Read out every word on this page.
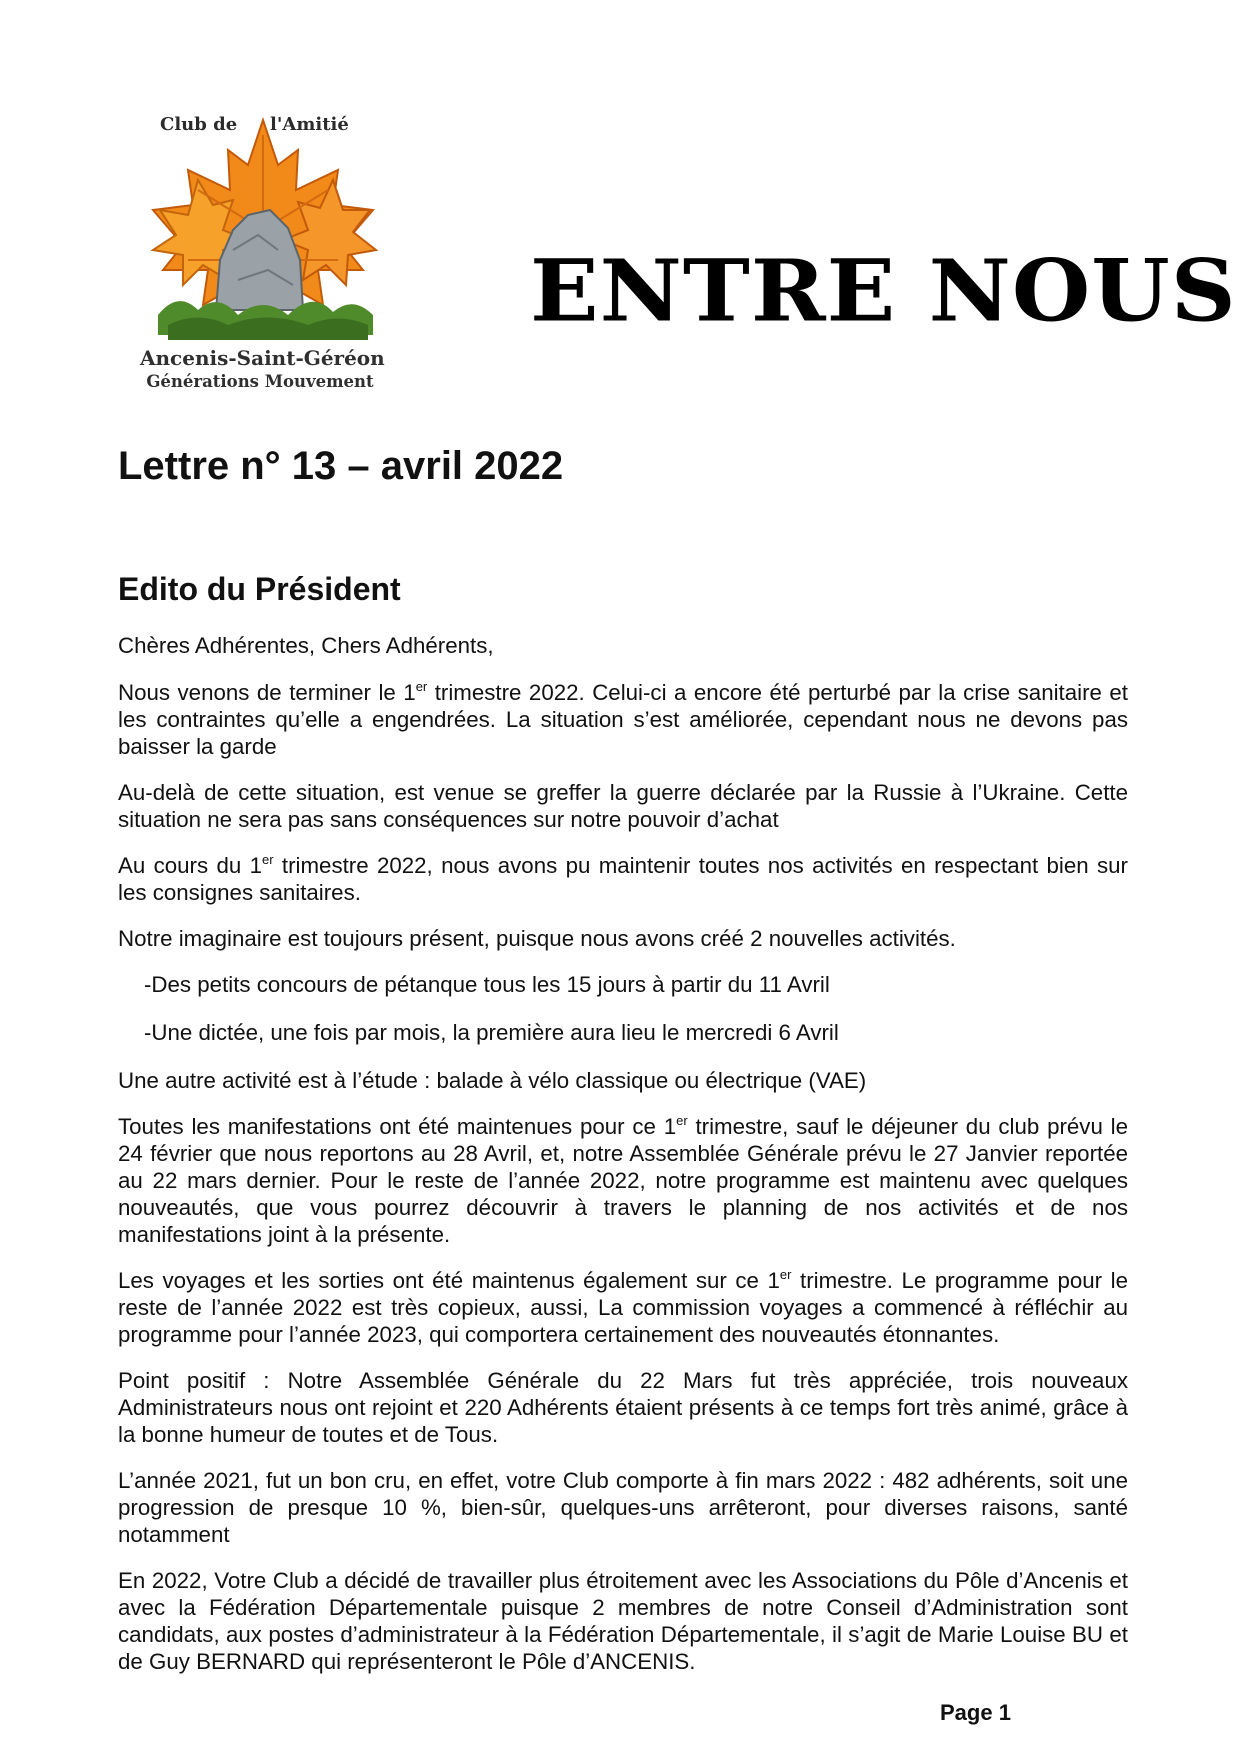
Club de l'Amitié
Ancenis-Saint-Géréon
Générations Mouvement
ENTRE NOUS
Lettre n° 13 – avril 2022
Edito du Président

Chères Adhérentes, Chers Adhérents,

Nous venons de terminer le 1er trimestre 2022. Celui-ci a encore été perturbé par la crise sanitaire et les contraintes qu’elle a engendrées. La situation s’est améliorée, cependant nous ne devons pas baisser la garde

Au-delà de cette situation, est venue se greffer la guerre déclarée par la Russie à l’Ukraine. Cette situation ne sera pas sans conséquences sur notre pouvoir d’achat

Au cours du 1er trimestre 2022, nous avons pu maintenir toutes nos activités en respectant bien sur les consignes sanitaires.

Notre imaginaire est toujours présent, puisque nous avons créé 2 nouvelles activités.

-Des petits concours de pétanque tous les 15 jours à partir du 11 Avril

-Une dictée, une fois par mois, la première aura lieu le mercredi 6 Avril

Une autre activité est à l’étude : balade à vélo classique ou électrique (VAE)

Toutes les manifestations ont été maintenues pour ce 1er trimestre, sauf le déjeuner du club prévu le 24 février que nous reportons au 28 Avril, et, notre Assemblée Générale prévu le 27 Janvier reportée au 22 mars dernier. Pour le reste de l’année 2022, notre programme est maintenu avec quelques nouveautés, que vous pourrez découvrir à travers le planning de nos activités et de nos manifestations joint à la présente.

Les voyages et les sorties ont été maintenus également sur ce 1er trimestre. Le programme pour le reste de l’année 2022 est très copieux, aussi, La commission voyages a commencé à réfléchir au programme pour l’année 2023, qui comportera certainement des nouveautés étonnantes.

Point positif : Notre Assemblée Générale du 22 Mars fut très appréciée, trois nouveaux Administrateurs nous ont rejoint et 220 Adhérents étaient présents à ce temps fort très animé, grâce à la bonne humeur de toutes et de Tous.

L’année 2021, fut un bon cru, en effet, votre Club comporte à fin mars 2022 : 482 adhérents, soit une progression de presque 10 %, bien-sûr, quelques-uns arrêteront, pour diverses raisons, santé notamment

En 2022, Votre Club a décidé de travailler plus étroitement avec les Associations du Pôle d’Ancenis et avec la Fédération Départementale puisque 2 membres de notre Conseil d’Administration sont candidats, aux postes d’administrateur à la Fédération Départementale, il s’agit de Marie Louise BU et de Guy BERNARD qui représenteront le Pôle d’ANCENIS.

Page 1
